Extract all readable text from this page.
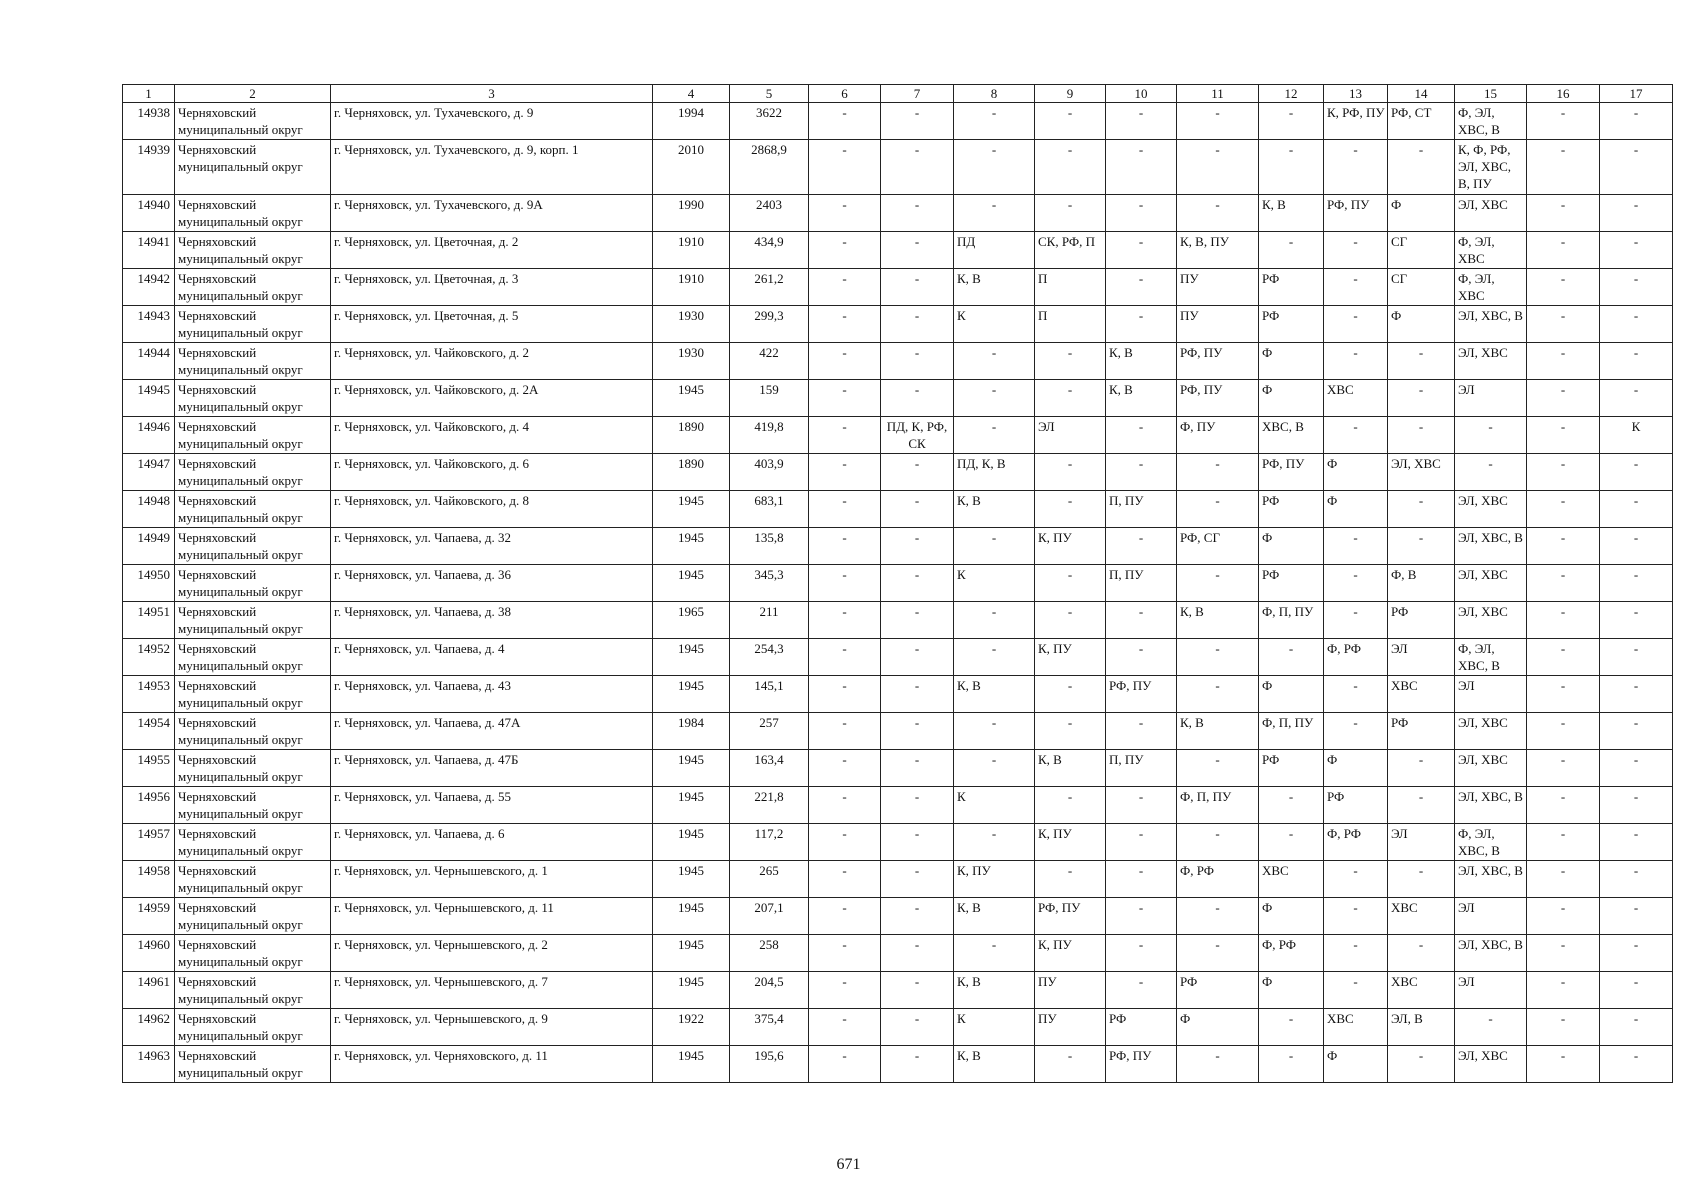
1	2	3	4	5	6	7	8	9	10	11	12	13	14	15	16	17
14938	Черняховский муниципальный округ	г. Черняховск, ул. Тухачевского, д. 9	1994	3622	-	-	-	-	-	-	-	К, РФ, ПУ	РФ, СТ	Ф, ЭЛ, ХВС, В	-	-
14939	Черняховский муниципальный округ	г. Черняховск, ул. Тухачевского, д. 9, корп. 1	2010	2868,9	-	-	-	-	-	-	-	-	-	К, Ф, РФ, ЭЛ, ХВС, В, ПУ	-	-
14940	Черняховский муниципальный округ	г. Черняховск, ул. Тухачевского, д. 9А	1990	2403	-	-	-	-	-	-	К, В	РФ, ПУ	Ф	ЭЛ, ХВС	-	-
14941	Черняховский муниципальный округ	г. Черняховск, ул. Цветочная, д. 2	1910	434,9	-	-	ПД	СК, РФ, П	-	К, В, ПУ	-	-	СГ	Ф, ЭЛ, ХВС	-	-
14942	Черняховский муниципальный округ	г. Черняховск, ул. Цветочная, д. 3	1910	261,2	-	-	К, В	П	-	ПУ	РФ	-	СГ	Ф, ЭЛ, ХВС	-	-
14943	Черняховский муниципальный округ	г. Черняховск, ул. Цветочная, д. 5	1930	299,3	-	-	К	П	-	ПУ	РФ	-	Ф	ЭЛ, ХВС, В	-	-
14944	Черняховский муниципальный округ	г. Черняховск, ул. Чайковского, д. 2	1930	422	-	-	-	-	К, В	РФ, ПУ	Ф	-	-	ЭЛ, ХВС	-	-
14945	Черняховский муниципальный округ	г. Черняховск, ул. Чайковского, д. 2А	1945	159	-	-	-	-	К, В	РФ, ПУ	Ф	ХВС	-	ЭЛ	-	-
14946	Черняховский муниципальный округ	г. Черняховск, ул. Чайковского, д. 4	1890	419,8	-	ПД, К, РФ, СК	-	ЭЛ	-	Ф, ПУ	ХВС, В	-	-	-	-	К
14947	Черняховский муниципальный округ	г. Черняховск, ул. Чайковского, д. 6	1890	403,9	-	-	ПД, К, В	-	-	-	РФ, ПУ	Ф	ЭЛ, ХВС	-	-	-
14948	Черняховский муниципальный округ	г. Черняховск, ул. Чайковского, д. 8	1945	683,1	-	-	К, В	-	П, ПУ	-	РФ	Ф	-	ЭЛ, ХВС	-	-
14949	Черняховский муниципальный округ	г. Черняховск, ул. Чапаева, д. 32	1945	135,8	-	-	-	К, ПУ	-	РФ, СГ	Ф	-	-	ЭЛ, ХВС, В	-	-
14950	Черняховский муниципальный округ	г. Черняховск, ул. Чапаева, д. 36	1945	345,3	-	-	К	-	П, ПУ	-	РФ	-	Ф, В	ЭЛ, ХВС	-	-
14951	Черняховский муниципальный округ	г. Черняховск, ул. Чапаева, д. 38	1965	211	-	-	-	-	-	К, В	Ф, П, ПУ	-	РФ	ЭЛ, ХВС	-	-
14952	Черняховский муниципальный округ	г. Черняховск, ул. Чапаева, д. 4	1945	254,3	-	-	-	К, ПУ	-	-	-	Ф, РФ	ЭЛ	Ф, ЭЛ, ХВС, В	-	-
14953	Черняховский муниципальный округ	г. Черняховск, ул. Чапаева, д. 43	1945	145,1	-	-	К, В	-	РФ, ПУ	-	Ф	-	ХВС	ЭЛ	-	-
14954	Черняховский муниципальный округ	г. Черняховск, ул. Чапаева, д. 47А	1984	257	-	-	-	-	-	К, В	Ф, П, ПУ	-	РФ	ЭЛ, ХВС	-	-
14955	Черняховский муниципальный округ	г. Черняховск, ул. Чапаева, д. 47Б	1945	163,4	-	-	-	К, В	П, ПУ	-	РФ	Ф	-	ЭЛ, ХВС	-	-
14956	Черняховский муниципальный округ	г. Черняховск, ул. Чапаева, д. 55	1945	221,8	-	-	К	-	-	Ф, П, ПУ	-	РФ	-	ЭЛ, ХВС, В	-	-
14957	Черняховский муниципальный округ	г. Черняховск, ул. Чапаева, д. 6	1945	117,2	-	-	-	К, ПУ	-	-	-	Ф, РФ	ЭЛ	Ф, ЭЛ, ХВС, В	-	-
14958	Черняховский муниципальный округ	г. Черняховск, ул. Чернышевского, д. 1	1945	265	-	-	К, ПУ	-	-	Ф, РФ	ХВС	-	-	ЭЛ, ХВС, В	-	-
14959	Черняховский муниципальный округ	г. Черняховск, ул. Чернышевского, д. 11	1945	207,1	-	-	К, В	РФ, ПУ	-	-	Ф	-	ХВС	ЭЛ	-	-
14960	Черняховский муниципальный округ	г. Черняховск, ул. Чернышевского, д. 2	1945	258	-	-	-	К, ПУ	-	-	Ф, РФ	-	-	ЭЛ, ХВС, В	-	-
14961	Черняховский муниципальный округ	г. Черняховск, ул. Чернышевского, д. 7	1945	204,5	-	-	К, В	ПУ	-	РФ	Ф	-	ХВС	ЭЛ	-	-
14962	Черняховский муниципальный округ	г. Черняховск, ул. Чернышевского, д. 9	1922	375,4	-	-	К	ПУ	РФ	Ф	-	ХВС	ЭЛ, В	-	-	-
14963	Черняховский муниципальный округ	г. Черняховск, ул. Черняховского, д. 11	1945	195,6	-	-	К, В	-	РФ, ПУ	-	-	Ф	-	ЭЛ, ХВС	-	-
671
